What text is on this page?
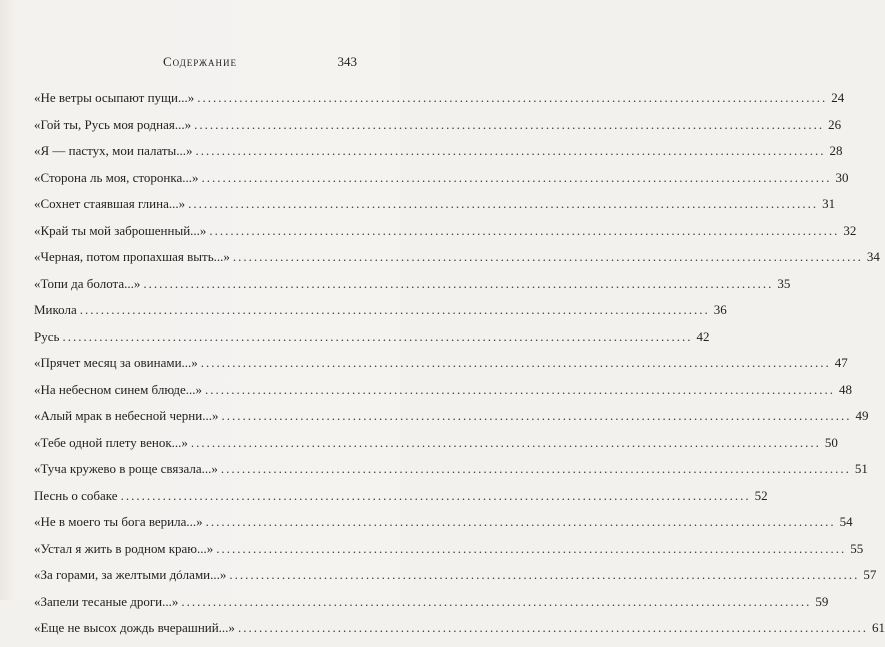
Содержание	343
«Не ветры осыпают пущи...» .....	24
«Гой ты, Русь моя родная...» .....	26
«Я — пастух, мои палаты...» .....	28
«Сторона ль моя, сторонка...» .....	30
«Сохнет стаявшая глина...» .....	31
«Край ты мой заброшенный...» .....	32
«Черная, потом пропахшая выть...» .....	34
«Топи да болота...» .....	35
Микола .....	36
Русь .....	42
«Прячет месяц за овинами...» .....	47
«На небесном синем блюде...» .....	48
«Алый мрак в небесной черни...» .....	49
«Тебе одной плету венок...» .....	50
«Туча кружево в роще связала...» .....	51
Песнь о собаке .....	52
«Не в моего ты бога верила...» .....	54
«Устал я жить в родном краю...» .....	55
«За горами, за желтыми дóлами...» .....	57
«Запели тесаные дроги...» .....	59
«Еще не высох дождь вчерашний...» .....	61
